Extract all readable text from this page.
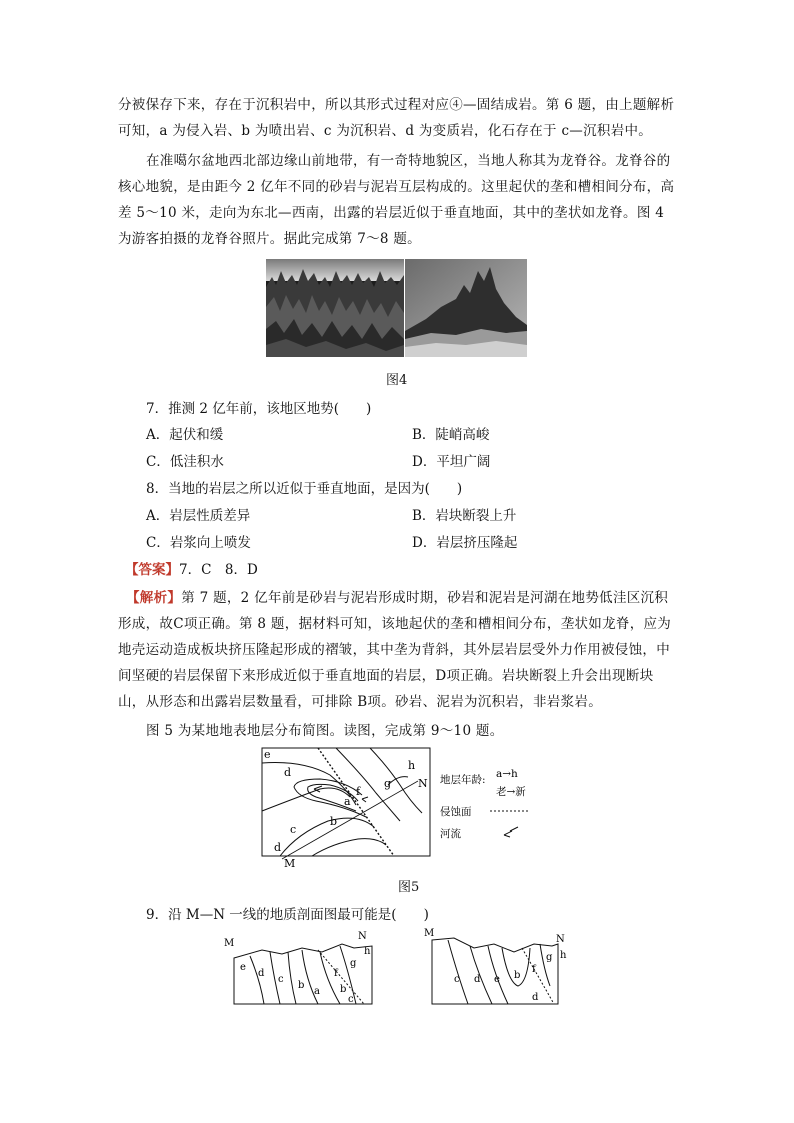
分被保存下来，存在于沉积岩中，所以其形式过程对应④—固结成岩。第 6 题，由上题解析

可知，a 为侵入岩、b 为喷出岩、c 为沉积岩、d 为变质岩，化石存在于 c—沉积岩中。

在准噶尔盆地西北部边缘山前地带，有一奇特地貌区，当地人称其为龙脊谷。龙脊谷的核心地貌，是由距今 2 亿年不同的砂岩与泥岩互层构成的。这里起伏的垄和槽相间分布，高差 5～10 米，走向为东北—西南，出露的岩层近似于垂直地面，其中的垄状如龙脊。图 4 为游客拍摄的龙脊谷照片。据此完成第 7～8 题。

图4
7．推测 2 亿年前，该地区地势(　　)
A．起伏和缓	B．陡峭高峻
C．低洼积水	D．平坦广阔
8．当地的岩层之所以近似于垂直地面，是因为(　　)
A．岩层性质差异	B．岩块断裂上升
C．岩浆向上喷发	D．岩层挤压隆起
【答案】7．C　8．D

【解析】第 7 题，2 亿年前是砂岩与泥岩形成时期，砂岩和泥岩是河湖在地势低洼区沉积形成，故C项正确。第 8 题，据材料可知，该地起伏的垄和槽相间分布，垄状如龙脊，应为地壳运动造成板块挤压隆起形成的褶皱，其中垄为背斜，其外层岩层受外力作用被侵蚀，中间坚硬的岩层保留下来形成近似于垂直地面的岩层，D项正确。岩块断裂上升会出现断块山，从形态和出露岩层数量看，可排除 B项。砂岩、泥岩为沉积岩，非岩浆岩。

图 5 为某地地表地层分布简图。读图，完成第 9～10 题。

e
d
d
c
b
a
f
g
h
N
M
地层年龄: a→h
老→新
侵蚀面
河流
图5
9．沿 M—N 一线的地质剖面图最可能是(　　)
M
N
h
e
d
c
b
a
f
g
b
c
M
N
h
c d e b
f
g
d
